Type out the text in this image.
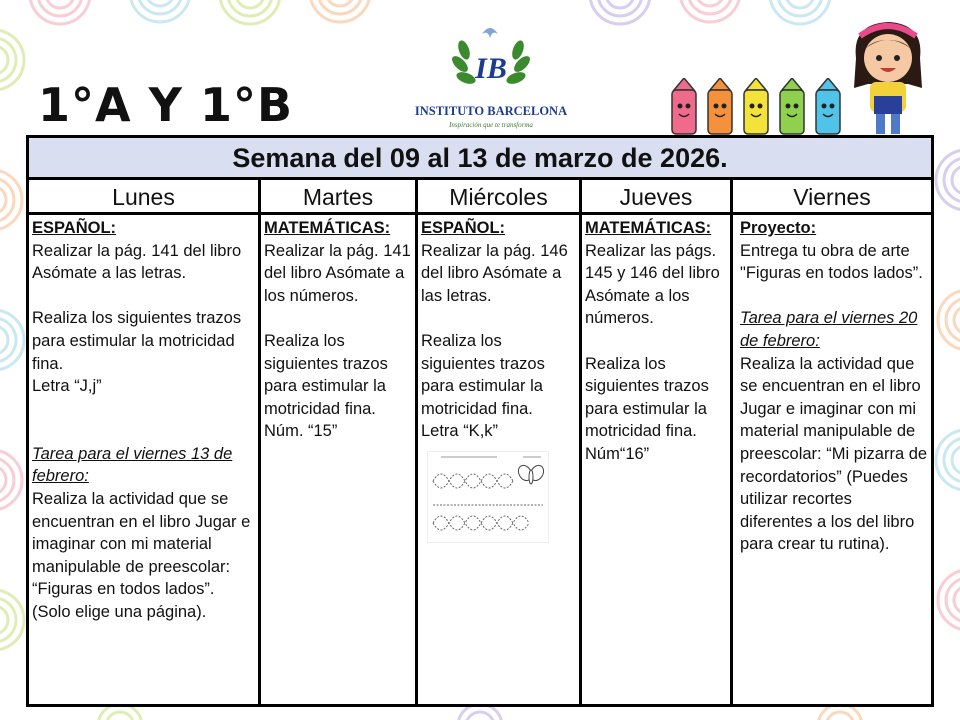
1°A Y 1°B
IB
INSTITUTO BARCELONA
Inspiración que te transforma
Semana del 09 al 13 de marzo de 2026.
Lunes	Martes	Miércoles	Jueves	Viernes
ESPAÑOL:
Realizar la pág. 141 del libro Asómate a las letras.
Realiza los siguientes trazos para estimular la motricidad fina.
Letra “J,j”
Tarea para el viernes 13 de febrero:
Realiza la actividad que se encuentran en el libro Jugar e imaginar con mi material manipulable de preescolar: “Figuras en todos lados”. (Solo elige una página).
MATEMÁTICAS:
Realizar la pág. 141 del libro Asómate a los números.
Realiza los siguientes trazos para estimular la motricidad fina. Núm. “15”
ESPAÑOL:
Realizar la pág. 146 del libro Asómate a las letras.
Realiza los siguientes trazos para estimular la motricidad fina.
Letra “K,k”
MATEMÁTICAS:
Realizar las págs. 145 y 146 del libro Asómate a los números.
Realiza los siguientes trazos para estimular la motricidad fina. Núm“16”
Proyecto:
Entrega tu obra de arte "Figuras en todos lados”.
Tarea para el viernes 20 de febrero:
Realiza la actividad que se encuentran en el libro Jugar e imaginar con mi material manipulable de preescolar: “Mi pizarra de recordatorios” (Puedes utilizar recortes diferentes a los del libro para crear tu rutina).
